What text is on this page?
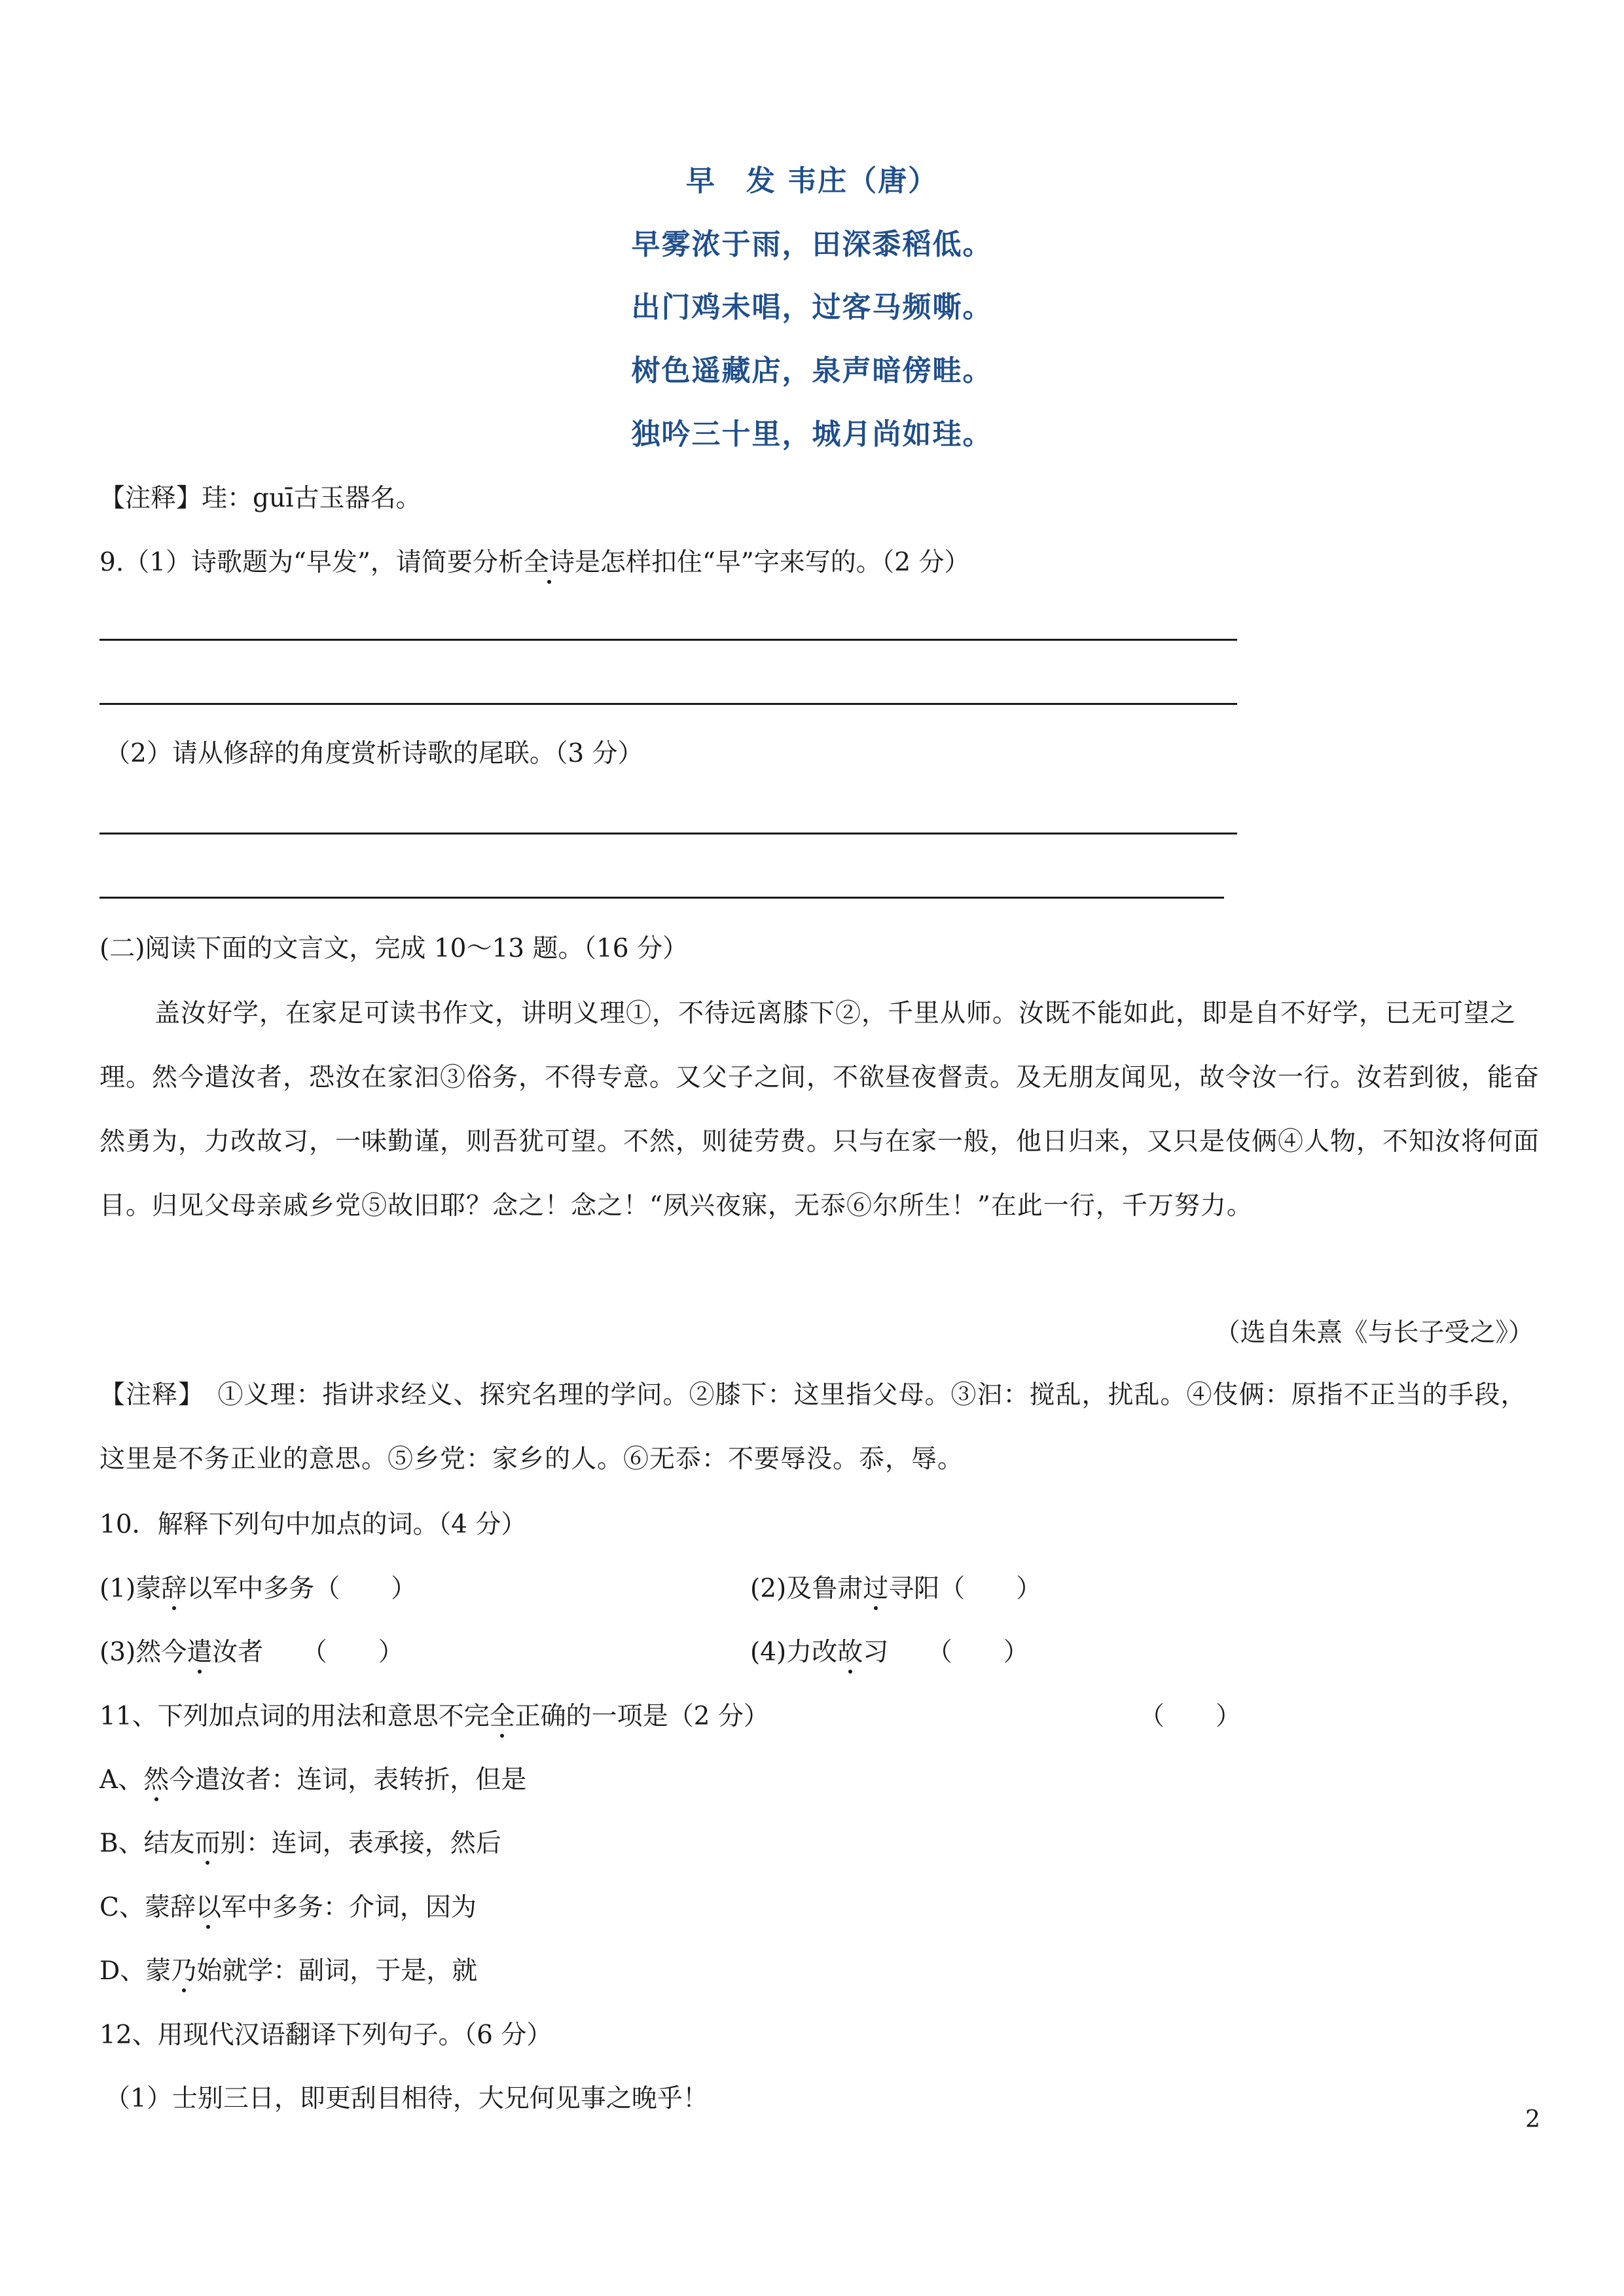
早　发 韦庄（唐）
早雾浓于雨，田深黍稻低。
出门鸡未唱，过客马频嘶。
树色遥藏店，泉声暗傍畦。
独吟三十里，城月尚如珪。
【注释】珪：guī古玉器名。
9.（1）诗歌题为“早发”，请简要分析全诗是怎样扣住“早”字来写的。（2 分）
（2）请从修辞的角度赏析诗歌的尾联。（3 分）
(二)阅读下面的文言文，完成 10～13 题。（16 分）
盖汝好学，在家足可读书作文，讲明义理①，不待远离膝下②，千里从师。汝既不能如此，即是自不好学，已无可望之理。然今遣汝者，恐汝在家汩③俗务，不得专意。又父子之间，不欲昼夜督责。及无朋友闻见，故令汝一行。汝若到彼，能奋然勇为，力改故习，一味勤谨，则吾犹可望。不然，则徒劳费。只与在家一般，他日归来，又只是伎俩④人物，不知汝将何面目。归见父母亲戚乡党⑤故旧耶？念之！念之！“夙兴夜寐，无忝⑥尔所生！”在此一行，千万努力。
（选自朱熹《与长子受之》）
【注释】　①义理：指讲求经义、探究名理的学问。②膝下：这里指父母。③汩：搅乱，扰乱。④伎俩：原指不正当的手段，这里是不务正业的意思。⑤乡党：家乡的人。⑥无忝：不要辱没。忝，辱。
10．解释下列句中加点的词。（4 分）
(1)蒙辞以军中多务（　　）	(2)及鲁肃过寻阳（　　）
(3)然今遣汝者　　（　　）	(4)力改故习　　（　　）
11、下列加点词的用法和意思不完全正确的一项是（2 分）	（　　）
A、然今遣汝者：连词，表转折，但是
B、结友而别：连词，表承接，然后
C、蒙辞以军中多务：介词，因为
D、蒙乃始就学：副词，于是，就
12、用现代汉语翻译下列句子。（6 分）
（1）士别三日，即更刮目相待，大兄何见事之晚乎！
2
